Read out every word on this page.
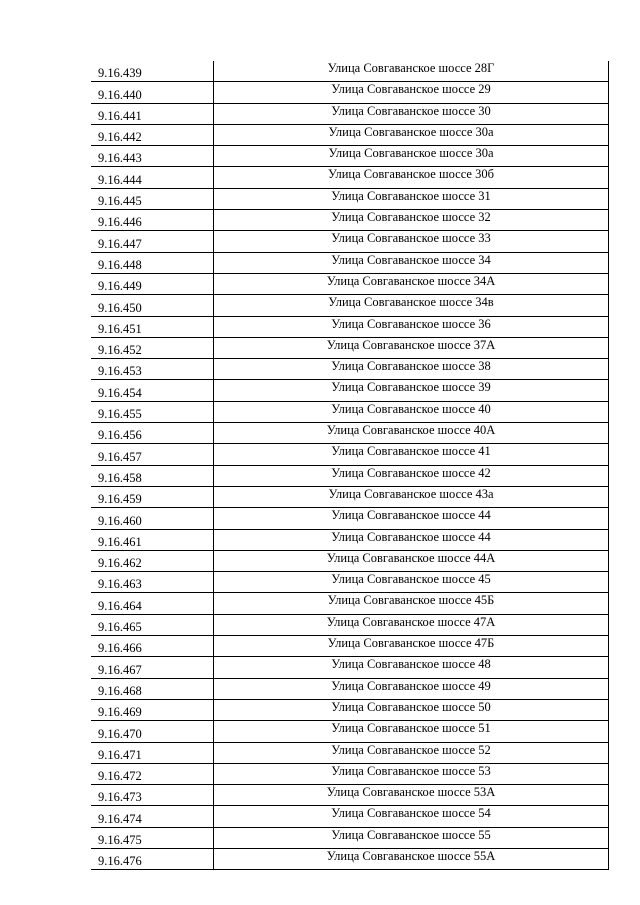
9.16.439	Улица Совгаванское шоссе 28Г
9.16.440	Улица Совгаванское шоссе 29
9.16.441	Улица Совгаванское шоссе 30
9.16.442	Улица Совгаванское шоссе 30а
9.16.443	Улица Совгаванское шоссе 30а
9.16.444	Улица Совгаванское шоссе 30б
9.16.445	Улица Совгаванское шоссе 31
9.16.446	Улица Совгаванское шоссе 32
9.16.447	Улица Совгаванское шоссе 33
9.16.448	Улица Совгаванское шоссе 34
9.16.449	Улица Совгаванское шоссе 34А
9.16.450	Улица Совгаванское шоссе 34в
9.16.451	Улица Совгаванское шоссе 36
9.16.452	Улица Совгаванское шоссе 37А
9.16.453	Улица Совгаванское шоссе 38
9.16.454	Улица Совгаванское шоссе 39
9.16.455	Улица Совгаванское шоссе 40
9.16.456	Улица Совгаванское шоссе 40А
9.16.457	Улица Совгаванское шоссе 41
9.16.458	Улица Совгаванское шоссе 42
9.16.459	Улица Совгаванское шоссе 43а
9.16.460	Улица Совгаванское шоссе 44
9.16.461	Улица Совгаванское шоссе 44
9.16.462	Улица Совгаванское шоссе 44А
9.16.463	Улица Совгаванское шоссе 45
9.16.464	Улица Совгаванское шоссе 45Б
9.16.465	Улица Совгаванское шоссе 47А
9.16.466	Улица Совгаванское шоссе 47Б
9.16.467	Улица Совгаванское шоссе 48
9.16.468	Улица Совгаванское шоссе 49
9.16.469	Улица Совгаванское шоссе 50
9.16.470	Улица Совгаванское шоссе 51
9.16.471	Улица Совгаванское шоссе 52
9.16.472	Улица Совгаванское шоссе 53
9.16.473	Улица Совгаванское шоссе 53А
9.16.474	Улица Совгаванское шоссе 54
9.16.475	Улица Совгаванское шоссе 55
9.16.476	Улица Совгаванское шоссе 55А
